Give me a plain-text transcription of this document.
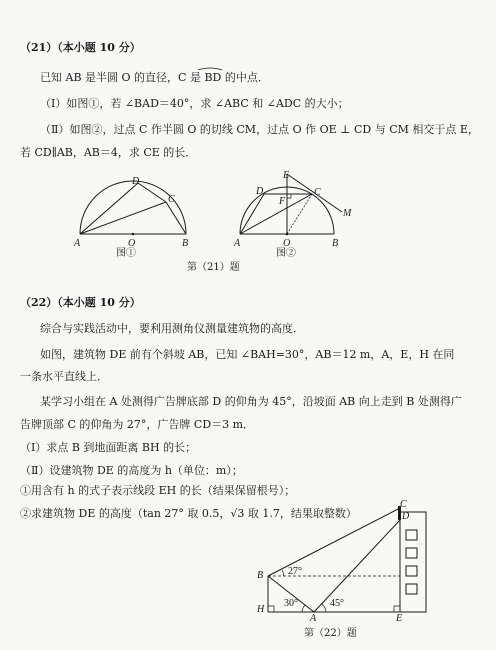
（21）（本小题 10 分）
已知 AB 是半圆 O 的直径，C 是 BD 的中点．
（Ⅰ）如图①，若 ∠BAD＝40°，求 ∠ABC 和 ∠ADC 的大小；
（Ⅱ）如图②，过点 C 作半圆 O 的切线 CM，过点 O 作 OE ⊥ CD 与 CM 相交于点 E，
若 CD∥AB，AB＝4，求 CE 的长．
D
C
A	O	B
图①
E
D	C
F
M
A	O	B
图②
第（21）题
（22）（本小题 10 分）
综合与实践活动中，要利用测角仪测量建筑物的高度．
如图，建筑物 DE 前有个斜坡 AB，已知 ∠BAH=30°，AB＝12 m，A，E，H 在同
一条水平直线上．
某学习小组在 A 处测得广告牌底部 D 的仰角为 45°，沿坡面 AB 向上走到 B 处测得广
告牌顶部 C 的仰角为 27°，广告牌 CD＝3 m．
（Ⅰ）求点 B 到地面距离 BH 的长；
（Ⅱ）设建筑物 DE 的高度为 h（单位：m）；
①用含有 h 的式子表示线段 EH 的长（结果保留根号）；
②求建筑物 DE 的高度（tan 27° 取 0.5，√3 取 1.7，结果取整数）
C
D
B
H
A	E
27°
30°	45°
第（22）题
